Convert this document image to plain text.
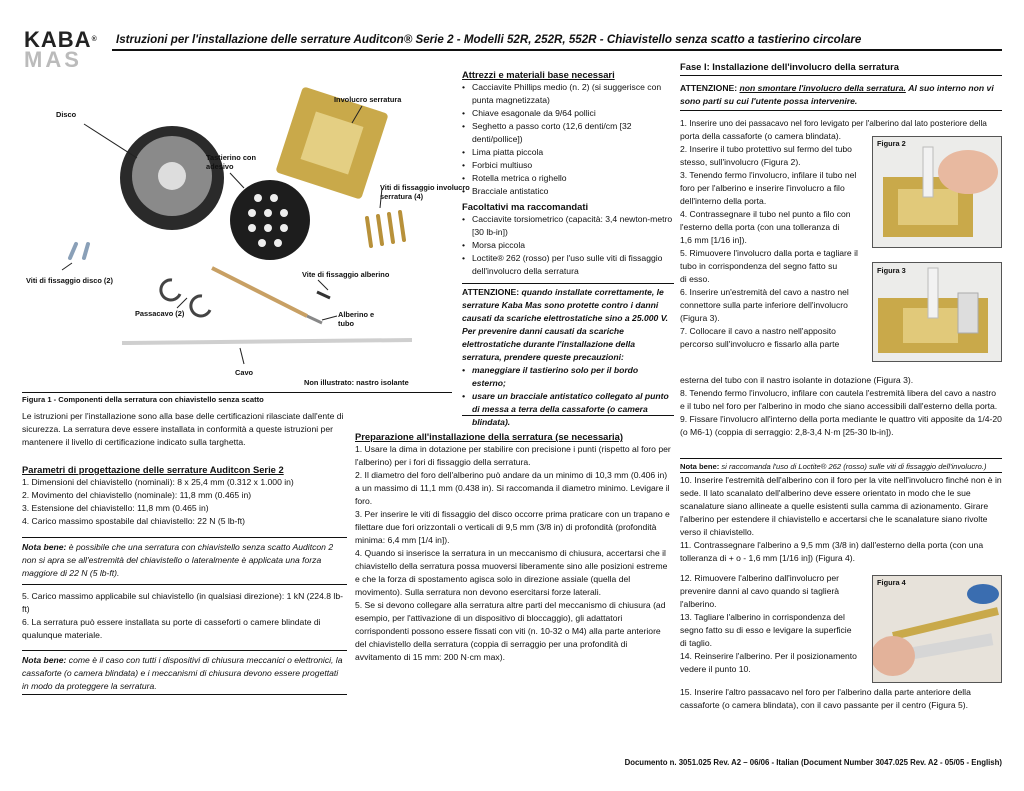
KABA®
MAS
Istruzioni per l'installazione delle serrature Auditcon® Serie 2 - Modelli 52R, 252R, 552R - Chiavistello senza scatto a tastierino circolare
Disco
Involucro serratura
Tastierino con adesivo
Viti di fissaggio involucro serratura (4)
Viti di fissaggio disco (2)
Vite di fissaggio alberino
Passacavo (2)	Alberino e tubo
Cavo
Non illustrato: nastro isolante
Figura 1 - Componenti della serratura con chiavistello senza scatto
Le istruzioni per l'installazione sono alla base delle certificazioni rilasciate dall'ente di sicurezza. La serratura deve essere installata in conformità a queste istruzioni per mantenere il livello di certificazione indicato sulla targhetta.
Parametri di progettazione delle serrature Auditcon Serie 2
1. Dimensioni del chiavistello (nominali): 8 x 25,4 mm (0.312 x 1.000 in)
2. Movimento del chiavistello (nominale): 11,8 mm (0.465 in)
3. Estensione del chiavistello: 11,8 mm (0.465 in)
4. Carico massimo spostabile dal chiavistello: 22 N (5 lb-ft)
Nota bene: è possibile che una serratura con chiavistello senza scatto Auditcon 2 non si apra se all'estremità del chiavistello o lateralmente è applicata una forza maggiore di 22 N (5 lb-ft).
5. Carico massimo applicabile sul chiavistello (in qualsiasi direzione): 1 kN (224.8 lb-ft)
6. La serratura può essere installata su porte di casseforti o camere blindate di qualunque materiale.
Nota bene: come è il caso con tutti i dispositivi di chiusura meccanici o elettronici, la cassaforte (o camera blindata) e i meccanismi di chiusura devono essere progettati in modo da proteggere la serratura.
Attrezzi e materiali base necessari
• Cacciavite Phillips medio (n. 2) (si suggerisce con punta magnetizzata)
• Chiave esagonale da 9/64 pollici
• Seghetto a passo corto (12,6 denti/cm [32 denti/pollice])
• Lima piatta piccola
• Forbici multiuso
• Rotella metrica o righello
• Bracciale antistatico
Facoltativi ma raccomandati
• Cacciavite torsiometrico (capacità: 3,4 newton-metro [30 lb-in])
• Morsa piccola
• Loctite® 262 (rosso) per l'uso sulle viti di fissaggio dell'involucro della serratura
ATTENZIONE: quando installate correttamente, le serrature Kaba Mas sono protette contro i danni causati da scariche elettrostatiche sino a 25.000 V. Per prevenire danni causati da scariche elettrostatiche durante l'installazione della serratura, prendere queste precauzioni:
• maneggiare il tastierino solo per il bordo esterno;
• usare un bracciale antistatico collegato al punto di messa a terra della cassaforte (o camera blindata).
Preparazione all'installazione della serratura (se necessaria)
1. Usare la dima in dotazione per stabilire con precisione i punti (rispetto al foro per l'alberino) per i fori di fissaggio della serratura.
2. Il diametro del foro dell'alberino può andare da un minimo di 10,3 mm (0.406 in) a un massimo di 11,1 mm (0.438 in). Si raccomanda il diametro minimo. Levigare il foro.
3. Per inserire le viti di fissaggio del disco occorre prima praticare con un trapano e filettare due fori orizzontali o verticali di 9,5 mm (3/8 in) di profondità (profondità minima: 6,4 mm [1/4 in]).
4. Quando si inserisce la serratura in un meccanismo di chiusura, accertarsi che il chiavistello della serratura possa muoversi liberamente sino alle posizioni estreme e che la forza di spostamento agisca solo in direzione assiale (quella del movimento). Sulla serratura non devono esercitarsi forze laterali.
5. Se si devono collegare alla serratura altre parti del meccanismo di chiusura (ad esempio, per l'attivazione di un dispositivo di bloccaggio), gli adattatori corrispondenti possono essere fissati con viti (n. 10-32 o M4) alla parte anteriore del chiavistello della serratura (coppia di serraggio per una profondità di avvitamento di 15 mm: 200 N·cm max).
Fase I: Installazione dell'involucro della serratura
ATTENZIONE: non smontare l'involucro della serratura. Al suo interno non vi sono parti su cui l'utente possa intervenire.
1. Inserire uno dei passacavo nel foro levigato per l'alberino dal lato posteriore della
porta della cassaforte (o camera blindata).
2. Inserire il tubo protettivo sul fermo del tubo
stesso, sull'involucro (Figura 2).
3. Tenendo fermo l'involucro, infilare il tubo nel
foro per l'alberino e inserire l'involucro a filo
dell'interno della porta.
4. Contrassegnare il tubo nel punto a filo con
l'esterno della porta (con una tolleranza di
1,6 mm [1/16 in]).
5. Rimuovere l'involucro dalla porta e tagliare il
tubo in corrispondenza del segno fatto su
di esso.
6. Inserire un'estremità del cavo a nastro nel
connettore sulla parte inferiore dell'involucro
(Figura 3).
7. Collocare il cavo a nastro nell'apposito
percorso sull'involucro e fissarlo alla parte
Figura 2
Figura 3
esterna del tubo con il nastro isolante in dotazione (Figura 3).
8. Tenendo fermo l'involucro, infilare con cautela l'estremità libera del cavo a nastro e il tubo nel foro per l'alberino in modo che siano accessibili dall'esterno della porta.
9. Fissare l'involucro all'interno della porta mediante le quattro viti apposite da 1/4-20 (o M6-1) (coppia di serraggio: 2,8-3,4 N·m [25-30 lb-in]).
Nota bene: si raccomanda l'uso di Loctite® 262 (rosso) sulle viti di fissaggio dell'involucro.)
10. Inserire l'estremità dell'alberino con il foro per la vite nell'involucro finché non è in sede. Il lato scanalato dell'alberino deve essere orientato in modo che le sue scanalature siano allineate a quelle esistenti sulla camma di azionamento. Girare l'alberino per estendere il chiavistello e accertarsi che le scanalature siano rivolte verso il chiavistello.
11. Contrassegnare l'alberino a 9,5 mm (3/8 in) dall'esterno della porta (con una tolleranza di + o - 1,6 mm [1/16 in]) (Figura 4).
12. Rimuovere l'alberino dall'involucro per
prevenire danni al cavo quando si taglierà
l'alberino.
13. Tagliare l'alberino in corrispondenza del
segno fatto su di esso e levigare la superficie
di taglio.
14. Reinserire l'alberino. Per il posizionamento
vedere il punto 10.
Figura 4
15. Inserire l'altro passacavo nel foro per l'alberino dalla parte anteriore della cassaforte (o camera blindata), con il cavo passante per il centro (Figura 5).
Documento n. 3051.025 Rev. A2 – 06/06 - Italian (Document Number 3047.025 Rev. A2 - 05/05 - English)
